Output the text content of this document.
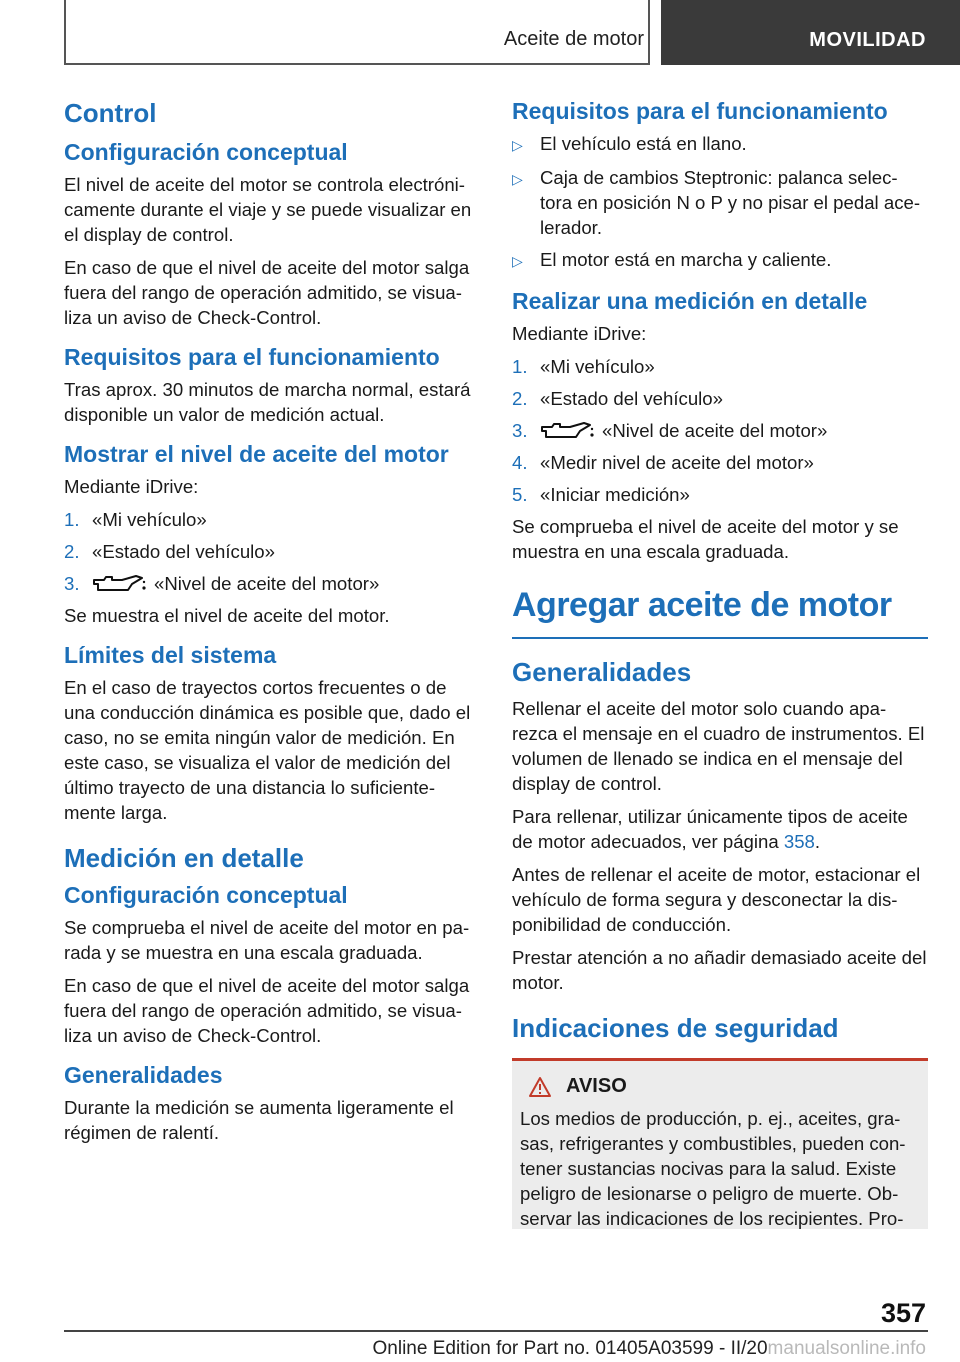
Aceite de motor	MOVILIDAD
Control
Configuración conceptual

El nivel de aceite del motor se controla electróni-camente durante el viaje y se puede visualizar en el display de control.

En caso de que el nivel de aceite del motor salga fuera del rango de operación admitido, se visua-liza un aviso de Check-Control.

Requisitos para el funcionamiento

Tras aprox. 30 minutos de marcha normal, estará disponible un valor de medición actual.

Mostrar el nivel de aceite del motor

Mediante iDrive:

1. «Mi vehículo»
2. «Estado del vehículo»
3.	«Nivel de aceite del motor»

Se muestra el nivel de aceite del motor.

Límites del sistema

En el caso de trayectos cortos frecuentes o de una conducción dinámica es posible que, dado el caso, no se emita ningún valor de medición. En este caso, se visualiza el valor de medición del último trayecto de una distancia lo suficiente-mente larga.

Medición en detalle
Configuración conceptual

Se comprueba el nivel de aceite del motor en pa-rada y se muestra en una escala graduada.

En caso de que el nivel de aceite del motor salga fuera del rango de operación admitido, se visua-liza un aviso de Check-Control.

Generalidades

Durante la medición se aumenta ligeramente el régimen de ralentí.

Requisitos para el funcionamiento
▷ El vehículo está en llano.
▷ Caja de cambios Steptronic: palanca selec-tora en posición N o P y no pisar el pedal ace-lerador.
▷ El motor está en marcha y caliente.
Realizar una medición en detalle

Mediante iDrive:

1. «Mi vehículo»
2. «Estado del vehículo»
3.	«Nivel de aceite del motor»
4. «Medir nivel de aceite del motor»
5. «Iniciar medición»

Se comprueba el nivel de aceite del motor y se muestra en una escala graduada.

Agregar aceite de motor
Generalidades

Rellenar el aceite del motor solo cuando apa-rezca el mensaje en el cuadro de instrumentos. El volumen de llenado se indica en el mensaje del display de control.

Para rellenar, utilizar únicamente tipos de aceite de motor adecuados, ver página 358.

Antes de rellenar el aceite de motor, estacionar el vehículo de forma segura y desconectar la dis-ponibilidad de conducción.

Prestar atención a no añadir demasiado aceite del motor.

Indicaciones de seguridad
AVISO

Los medios de producción, p. ej., aceites, gra-sas, refrigerantes y combustibles, pueden con-tener sustancias nocivas para la salud. Existe peligro de lesionarse o peligro de muerte. Ob-servar las indicaciones de los recipientes. Pro-

357
Online Edition for Part no. 01405A03599 - II/20manualsonline.info
